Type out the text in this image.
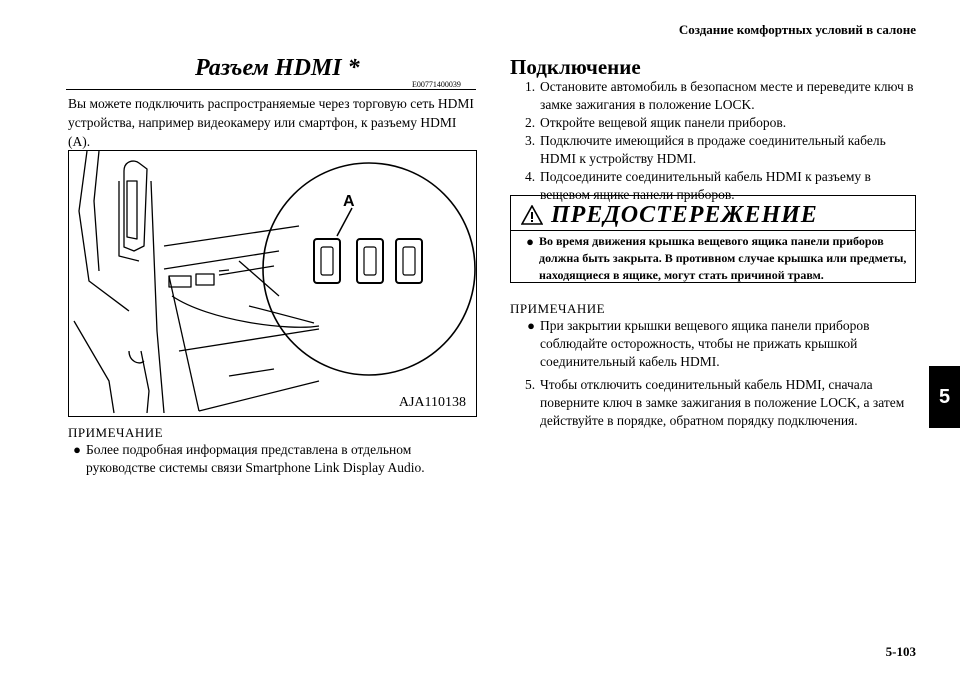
Создание комфортных условий в салоне
5-103
5
Разъем HDMI *
E00771400039
Вы можете подключить распространяемые через торговую сеть HDMI устройства, например видеокамеру или смартфон, к разъему HDMI (A).
A
AJA110138
ПРИМЕЧАНИЕ
● Более подробная информация представлена в отдельном руководстве системы связи Smartphone Link Display Audio.
Подключение
1. Остановите автомобиль в безопасном месте и переведите ключ в замке зажигания в положение LOCK.
2. Откройте вещевой ящик панели приборов.
3. Подключите имеющийся в продаже соединительный кабель HDMI к устройству HDMI.
4. Подсоедините соединительный кабель HDMI к разъему в вещевом ящике панели приборов.
ПРЕДОСТЕРЕЖЕНИЕ
● Во время движения крышка вещевого ящика панели приборов должна быть закрыта. В противном случае крышка или предметы, находящиеся в ящике, могут стать причиной травм.
ПРИМЕЧАНИЕ
● При закрытии крышки вещевого ящика панели приборов соблюдайте осторожность, чтобы не прижать крышкой соединительный кабель HDMI.
5. Чтобы отключить соединительный кабель HDMI, сначала поверните ключ в замке зажигания в положение LOCK, а затем действуйте в порядке, обратном порядку подключения.
